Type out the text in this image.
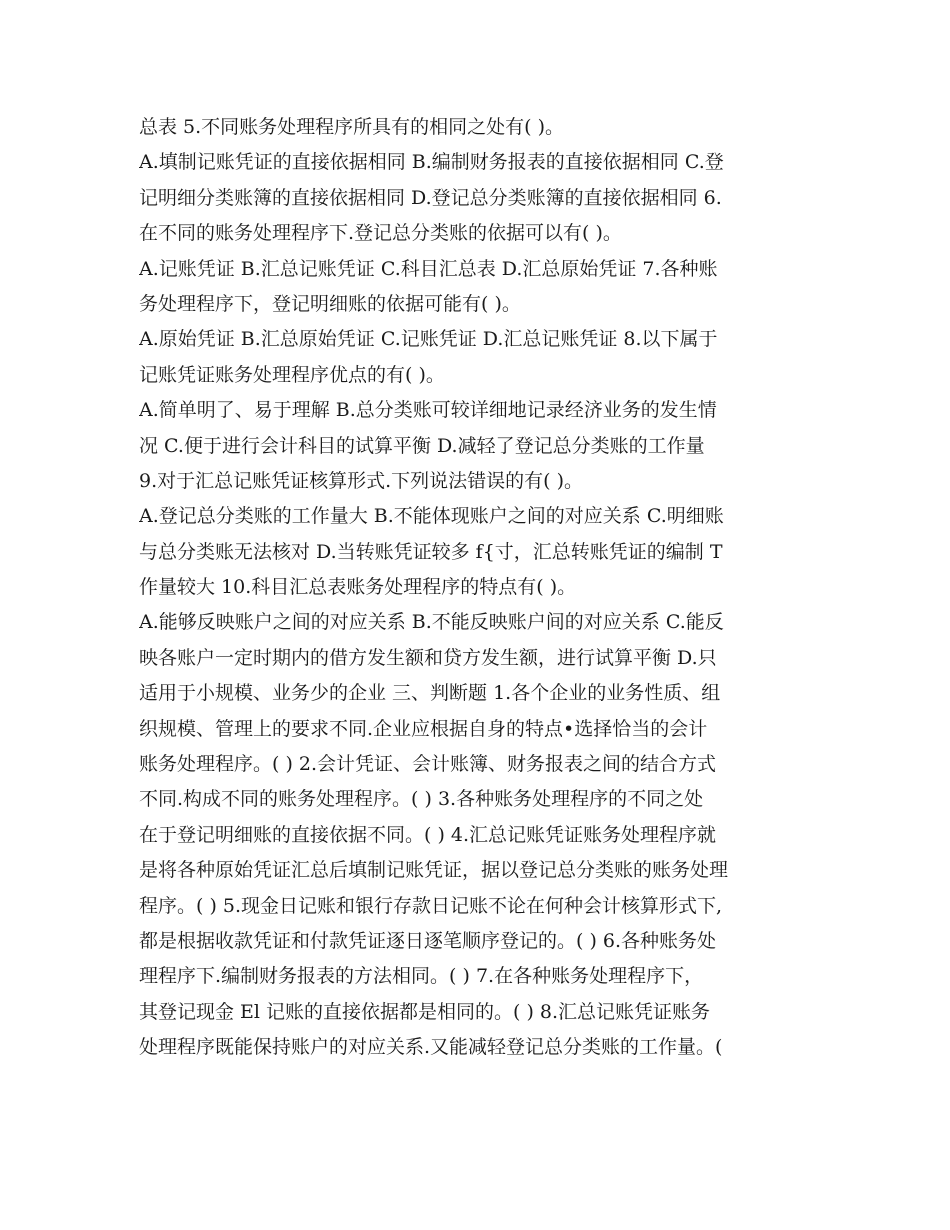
总表 5.不同账务处理程序所具有的相同之处有( )。
A.填制记账凭证的直接依据相同 B.编制财务报表的直接依据相同 C.登
记明细分类账簿的直接依据相同 D.登记总分类账簿的直接依据相同 6.
在不同的账务处理程序下.登记总分类账的依据可以有( )。
A.记账凭证 B.汇总记账凭证 C.科目汇总表 D.汇总原始凭证 7.各种账
务处理程序下，登记明细账的依据可能有( )。
A.原始凭证 B.汇总原始凭证 C.记账凭证 D.汇总记账凭证 8.以下属于
记账凭证账务处理程序优点的有( )。
A.简单明了、易于理解 B.总分类账可较详细地记录经济业务的发生情
况 C.便于进行会计科目的试算平衡 D.减轻了登记总分类账的工作量
9.对于汇总记账凭证核算形式.下列说法错误的有( )。
A.登记总分类账的工作量大 B.不能体现账户之间的对应关系 C.明细账
与总分类账无法核对 D.当转账凭证较多 f{寸，汇总转账凭证的编制 T
作量较大 10.科目汇总表账务处理程序的特点有( )。
A.能够反映账户之间的对应关系 B.不能反映账户间的对应关系 C.能反
映各账户一定时期内的借方发生额和贷方发生额，进行试算平衡 D.只
适用于小规模、业务少的企业 三、判断题 1.各个企业的业务性质、组
织规模、管理上的要求不同.企业应根据自身的特点•选择恰当的会计
账务处理程序。( ) 2.会计凭证、会计账簿、财务报表之间的结合方式
不同.构成不同的账务处理程序。( ) 3.各种账务处理程序的不同之处
在于登记明细账的直接依据不同。( ) 4.汇总记账凭证账务处理程序就
是将各种原始凭证汇总后填制记账凭证，据以登记总分类账的账务处理
程序。( ) 5.现金日记账和银行存款日记账不论在何种会计核算形式下,
都是根据收款凭证和付款凭证逐日逐笔顺序登记的。( ) 6.各种账务处
理程序下.编制财务报表的方法相同。( ) 7.在各种账务处理程序下，
其登记现金 El 记账的直接依据都是相同的。( ) 8.汇总记账凭证账务
处理程序既能保持账户的对应关系.又能减轻登记总分类账的工作量。(
